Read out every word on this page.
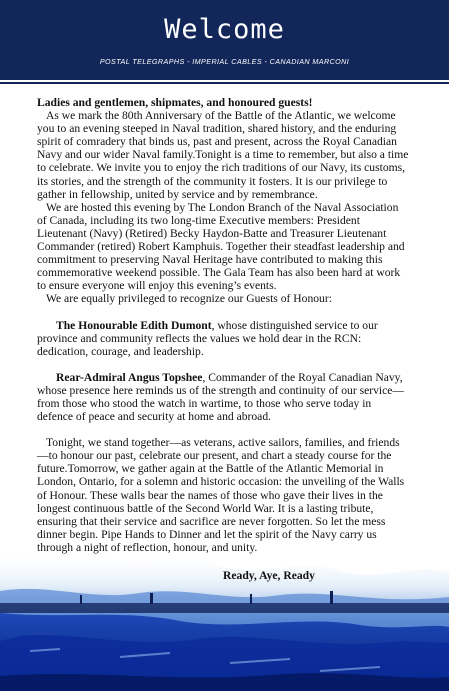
Welcome
POSTAL TELEGRAPHS - IMPERIAL CABLES - CANADIAN MARCONI

Ladies and gentlemen, shipmates, and honoured guests!

As we mark the 80th Anniversary of the Battle of the Atlantic, we welcome you to an evening steeped in Naval tradition, shared history, and the enduring spirit of comradery that binds us, past and present, across the Royal Canadian Navy and our wider Naval family.Tonight is a time to remember, but also a time to celebrate. We invite you to enjoy the rich traditions of our Navy, its customs, its stories, and the strength of the community it fosters. It is our privilege to gather in fellowship, united by service and by remembrance.

We are hosted this evening by The London Branch of the Naval Association of Canada, including its two long-time Executive members: President Lieutenant (Navy) (Retired) Becky Haydon-Batte and Treasurer Lieutenant Commander (retired) Robert Kamphuis. Together their steadfast leadership and commitment to preserving Naval Heritage have contributed to making this commemorative weekend possible. The Gala Team has also been hard at work to ensure everyone will enjoy this evening’s events.

We are equally privileged to recognize our Guests of Honour:

The Honourable Edith Dumont, whose distinguished service to our province and community reflects the values we hold dear in the RCN: dedication, courage, and leadership.

Rear-Admiral Angus Topshee, Commander of the Royal Canadian Navy, whose presence here reminds us of the strength and continuity of our service—from those who stood the watch in wartime, to those who serve today in defence of peace and security at home and abroad.

Tonight, we stand together—as veterans, active sailors, families, and friends—to honour our past, celebrate our present, and chart a steady course for the future.Tomorrow, we gather again at the Battle of the Atlantic Memorial in London, Ontario, for a solemn and historic occasion: the unveiling of the Walls of Honour. These walls bear the names of those who gave their lives in the longest continuous battle of the Second World War. It is a lasting tribute, ensuring that their service and sacrifice are never forgotten. So let the mess dinner begin. Pipe Hands to Dinner and let the spirit of the Navy carry us through a night of reflection, honour, and unity.

Ready, Aye, Ready
